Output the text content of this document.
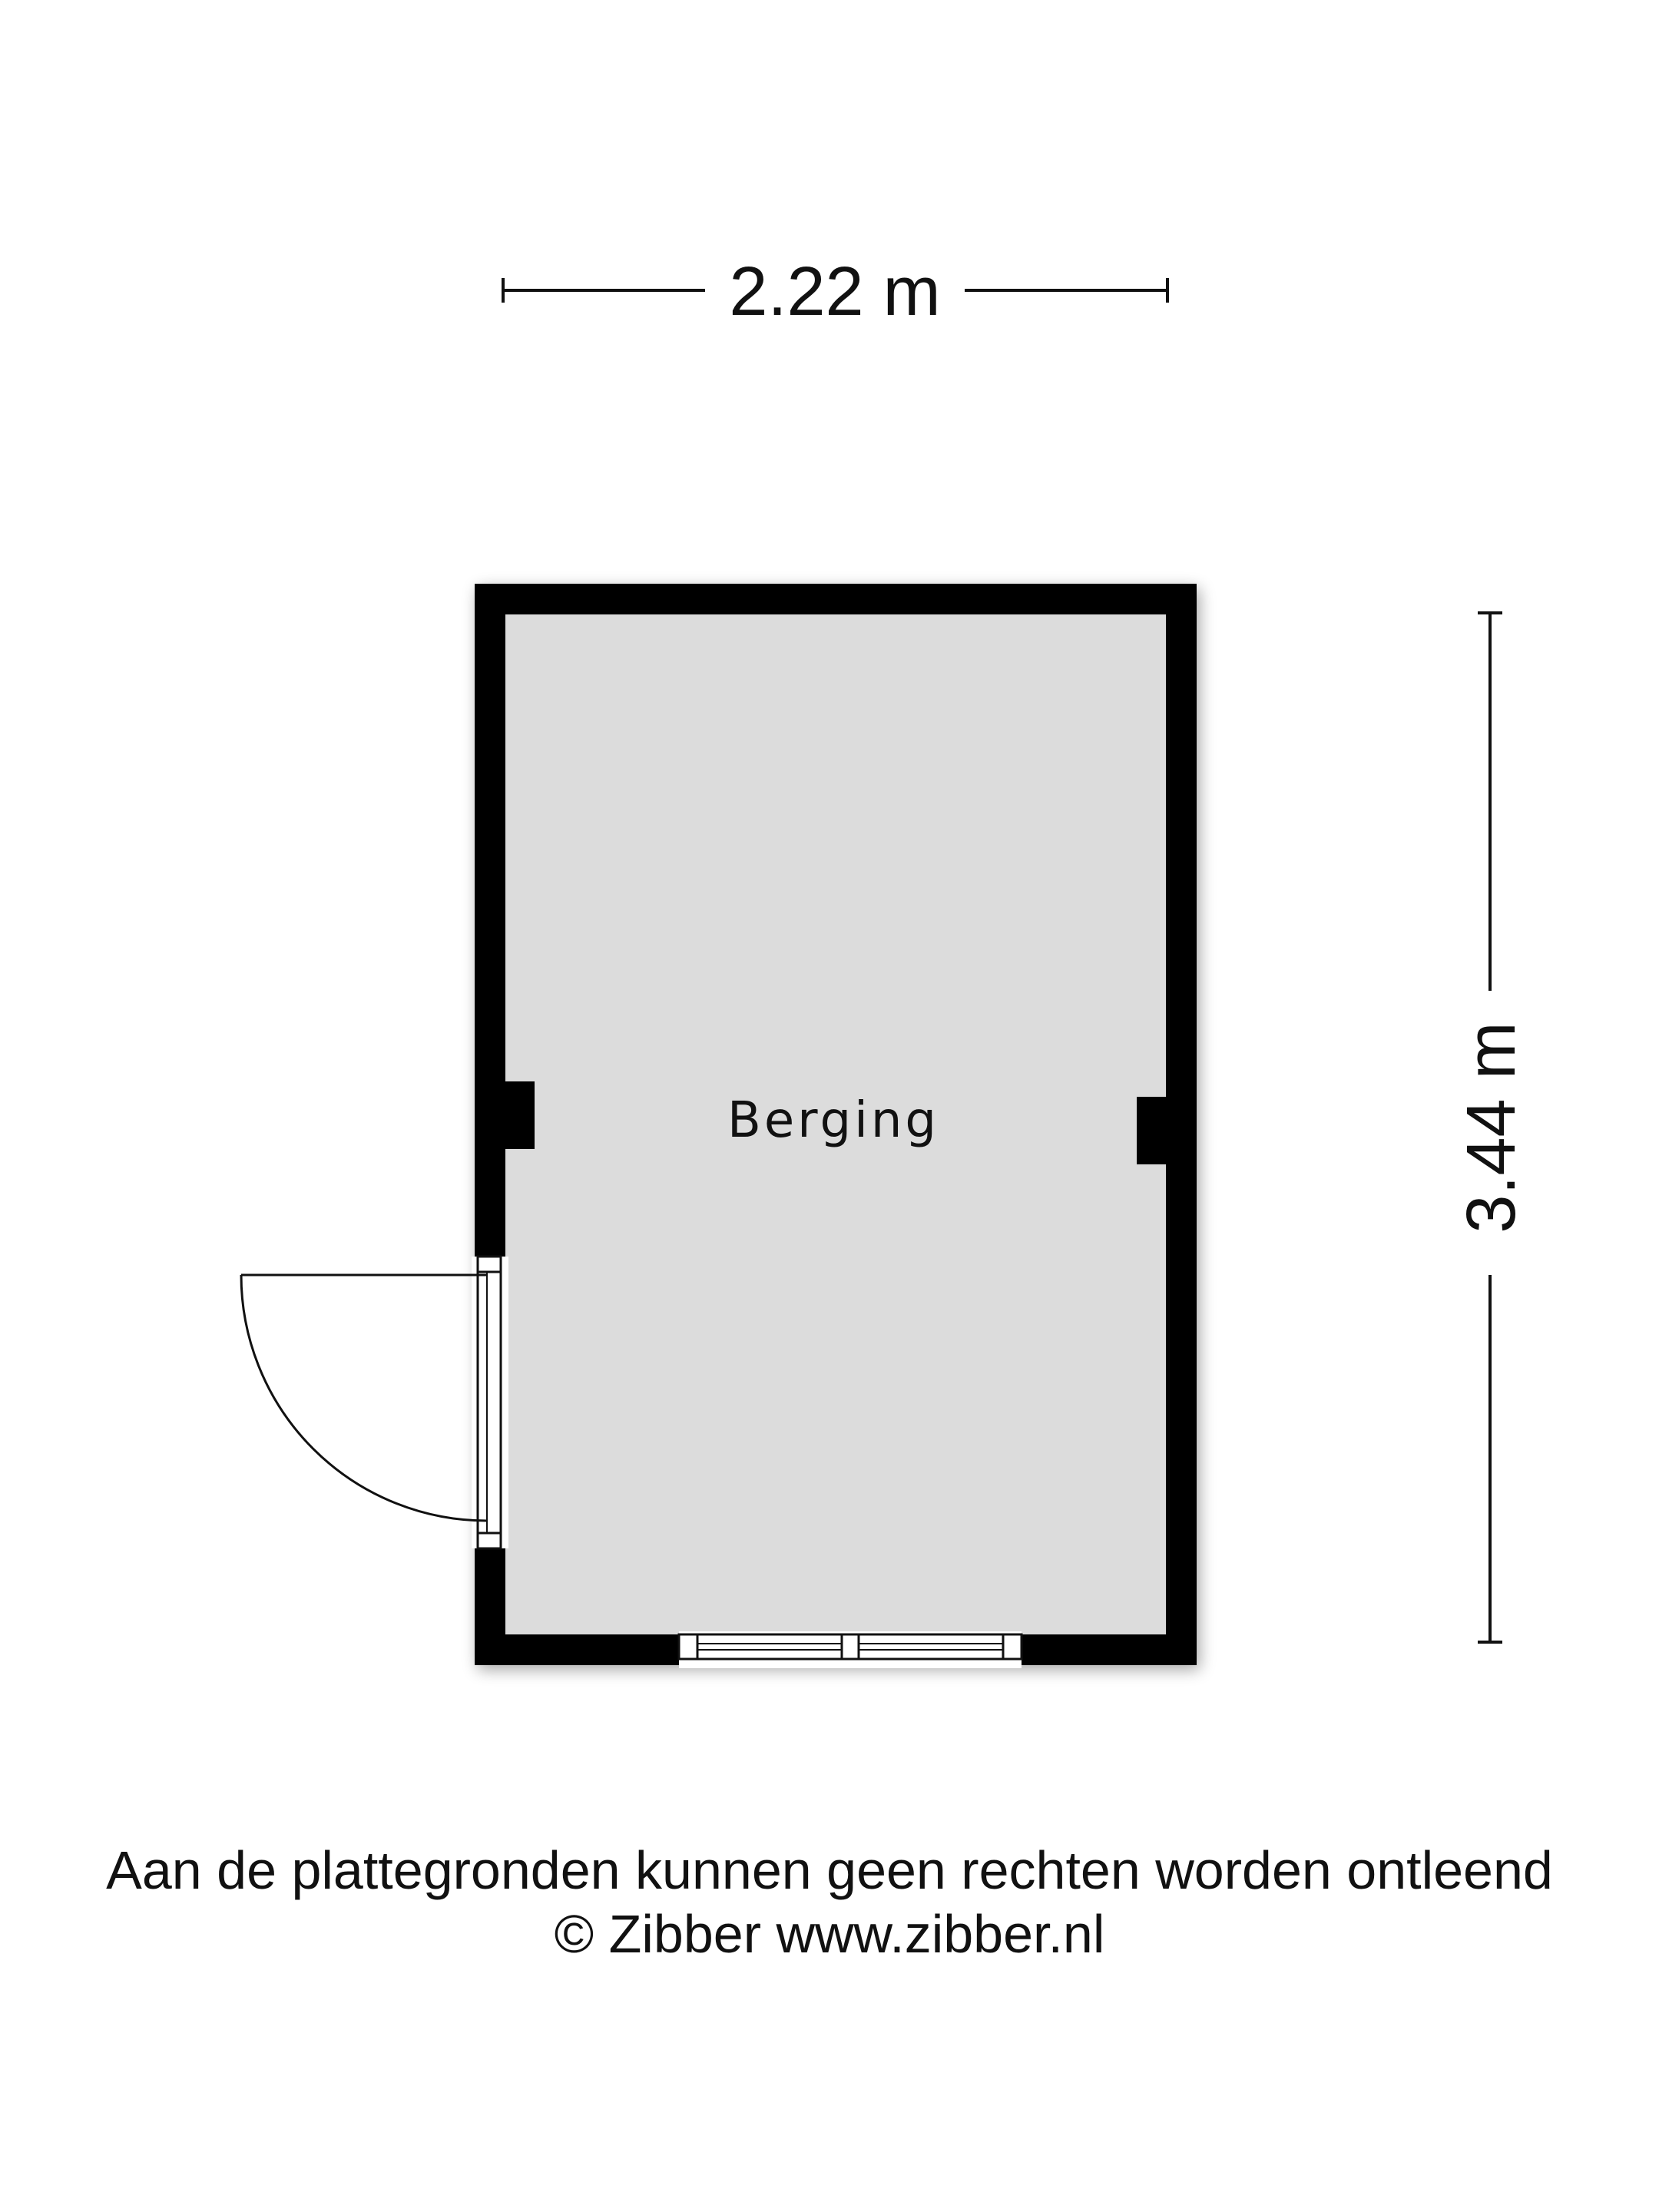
2.22 m
3.44 m
Berging
Aan de plattegronden kunnen geen rechten worden ontleend
© Zibber www.zibber.nl
